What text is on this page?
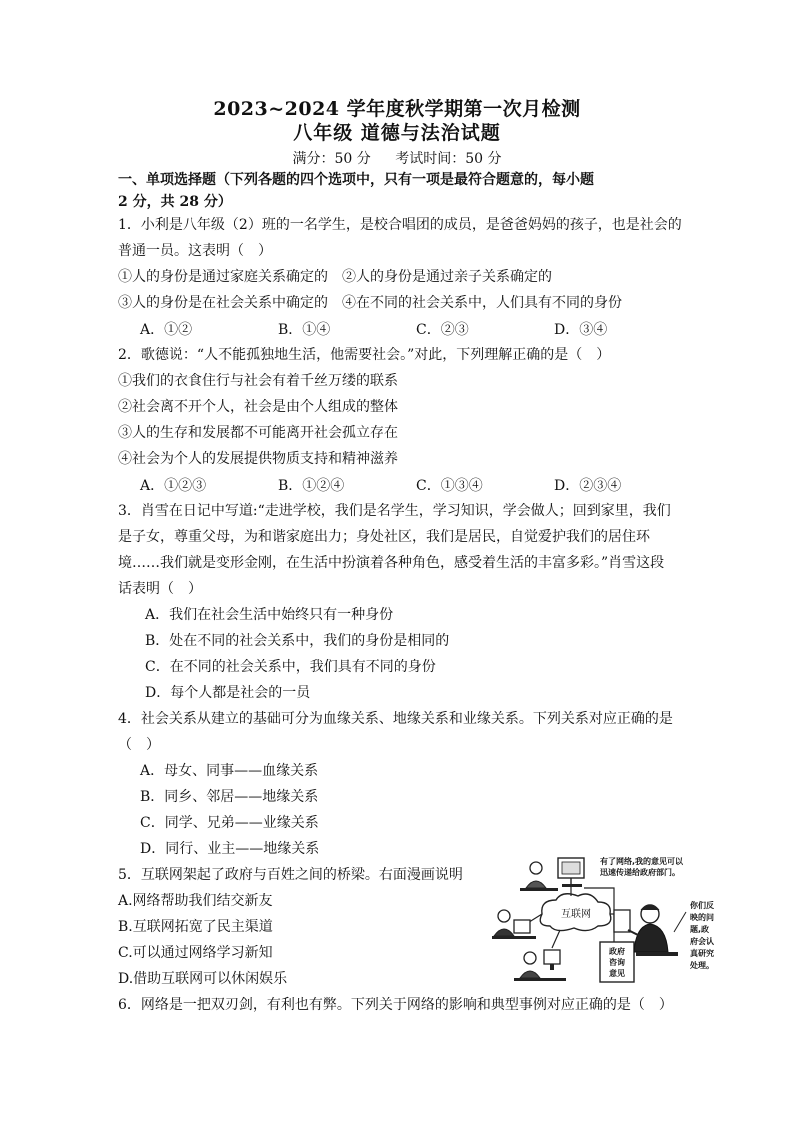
2023~2024 学年度秋学期第一次月检测
八年级 道德与法治试题
满分：50 分 考试时间：50 分
一、单项选择题（下列各题的四个选项中，只有一项是最符合题意的，每小题
2 分，共 28 分）
1．小利是八年级（2）班的一名学生，是校合唱团的成员，是爸爸妈妈的孩子，也是社会的
普通一员。这表明（　）
①人的身份是通过家庭关系确定的　②人的身份是通过亲子关系确定的
③人的身份是在社会关系中确定的　④在不同的社会关系中，人们具有不同的身份
A．①②	B．①④	C．②③	D．③④
2．歌德说：“人不能孤独地生活，他需要社会。”对此，下列理解正确的是（　）
①我们的衣食住行与社会有着千丝万缕的联系
②社会离不开个人，社会是由个人组成的整体
③人的生存和发展都不可能离开社会孤立存在
④社会为个人的发展提供物质支持和精神滋养
A．①②③	B．①②④	C．①③④	D．②③④
3．肖雪在日记中写道:“走进学校，我们是名学生，学习知识，学会做人；回到家里，我们
是子女，尊重父母，为和谐家庭出力；身处社区，我们是居民，自觉爱护我们的居住环
境……我们就是变形金刚，在生活中扮演着各种角色，感受着生活的丰富多彩。”肖雪这段
话表明（　）
A．我们在社会生活中始终只有一种身份
B．处在不同的社会关系中，我们的身份是相同的
C．在不同的社会关系中，我们具有不同的身份
D．每个人都是社会的一员
4．社会关系从建立的基础可分为血缘关系、地缘关系和业缘关系。下列关系对应正确的是
（　）
A．母女、同事——血缘关系
B．同乡、邻居——地缘关系
C．同学、兄弟——业缘关系
D．同行、业主——地缘关系
5．互联网架起了政府与百姓之间的桥梁。右面漫画说明
A.网络帮助我们结交新友
B.互联网拓宽了民主渠道
C.可以通过网络学习新知
D.借助互联网可以休闲娱乐
有了网络,我的意见可以
迅速传递给政府部门。
互联网
政府
咨询
意见
你们反
映的问
题,政
府会认
真研究
处理。
6．网络是一把双刃剑，有利也有弊。下列关于网络的影响和典型事例对应正确的是（　）
